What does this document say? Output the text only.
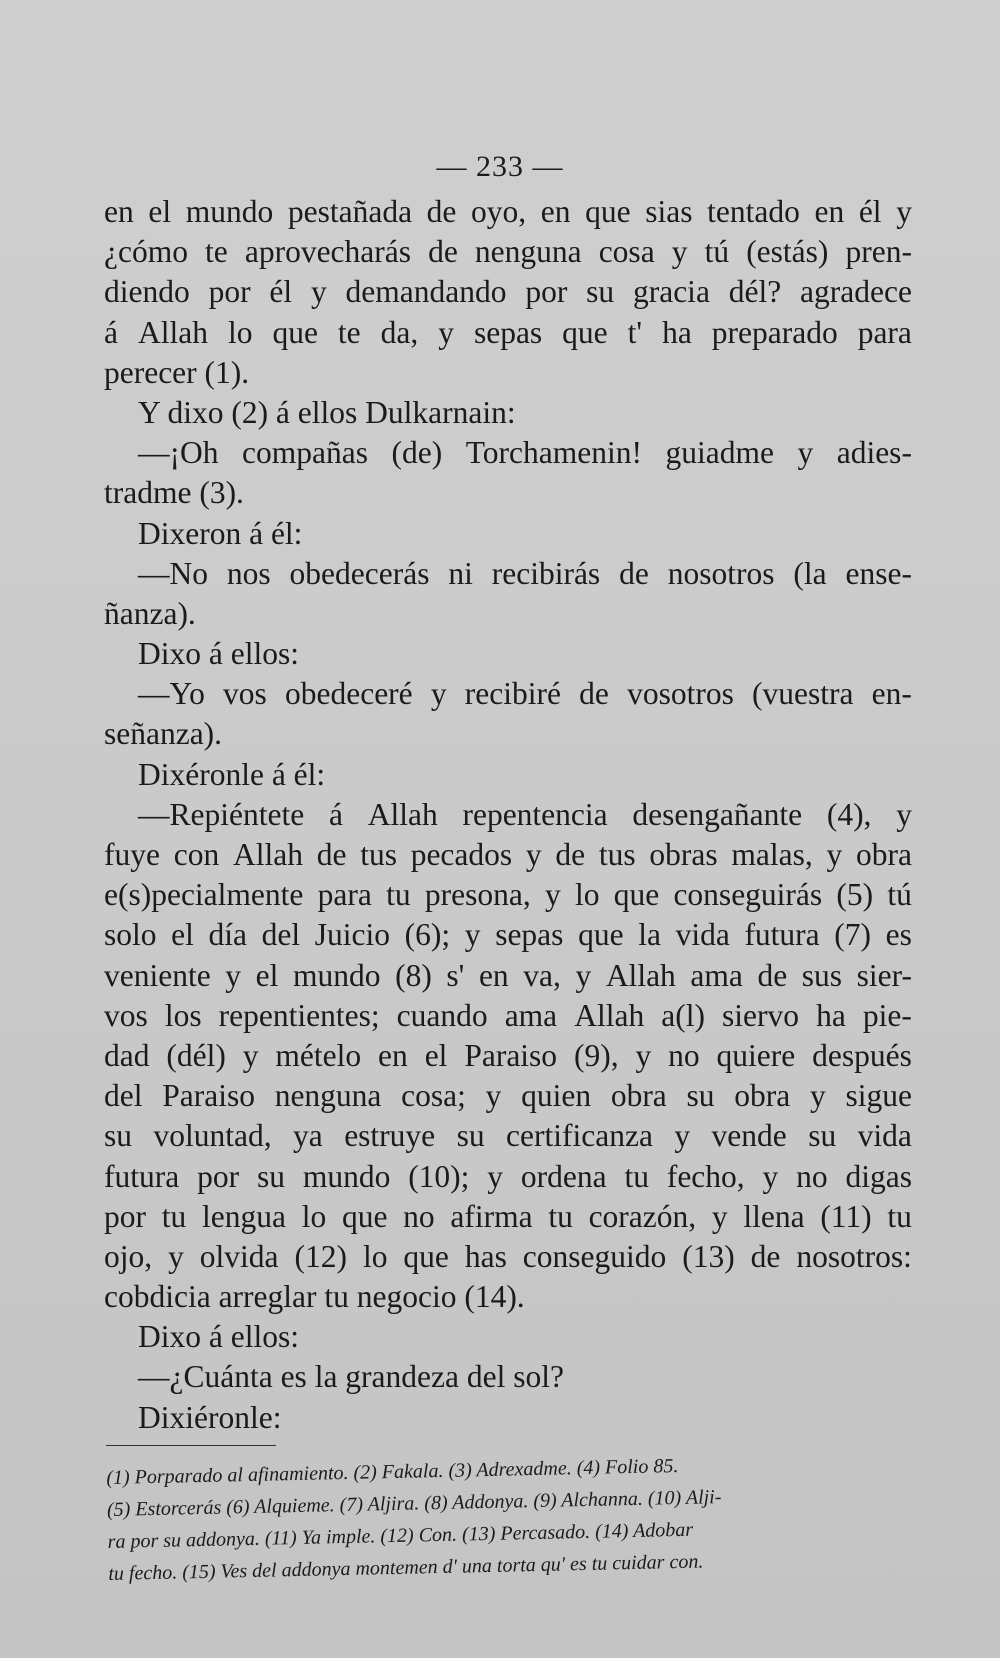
— 233 —
en el mundo pestañada de oyo, en que sias tentado en él y
¿cómo te aprovecharás de nenguna cosa y tú (estás) pren-
diendo por él y demandando por su gracia dél? agradece
á Allah lo que te da, y sepas que t' ha preparado para
perecer (1).
Y dixo (2) á ellos Dulkarnain:
—¡Oh compañas (de) Torchamenin! guiadme y adies-
tradme (3).
Dixeron á él:
—No nos obedecerás ni recibirás de nosotros (la ense-
ñanza).
Dixo á ellos:
—Yo vos obedeceré y recibiré de vosotros (vuestra en-
señanza).
Dixéronle á él:
—Repiéntete á Allah repentencia desengañante (4), y
fuye con Allah de tus pecados y de tus obras malas, y obra
e(s)pecialmente para tu presona, y lo que conseguirás (5) tú
solo el día del Juicio (6); y sepas que la vida futura (7) es
veniente y el mundo (8) s' en va, y Allah ama de sus sier-
vos los repentientes; cuando ama Allah a(l) siervo ha pie-
dad (dél) y mételo en el Paraiso (9), y no quiere después
del Paraiso nenguna cosa; y quien obra su obra y sigue
su voluntad, ya estruye su certificanza y vende su vida
futura por su mundo (10); y ordena tu fecho, y no digas
por tu lengua lo que no afirma tu corazón, y llena (11) tu
ojo, y olvida (12) lo que has conseguido (13) de nosotros:
cobdicia arreglar tu negocio (14).
Dixo á ellos:
—¿Cuánta es la grandeza del sol?
Dixiéronle:
(1) Porparado al afinamiento. (2) Fakala. (3) Adrexadme. (4) Folio 85.
(5) Estorcerás (6) Alquieme. (7) Aljira. (8) Addonya. (9) Alchanna. (10) Alji-
ra por su addonya. (11) Ya imple. (12) Con. (13) Percasado. (14) Adobar
tu fecho. (15) Ves del addonya montemen d' una torta qu' es tu cuidar con.
